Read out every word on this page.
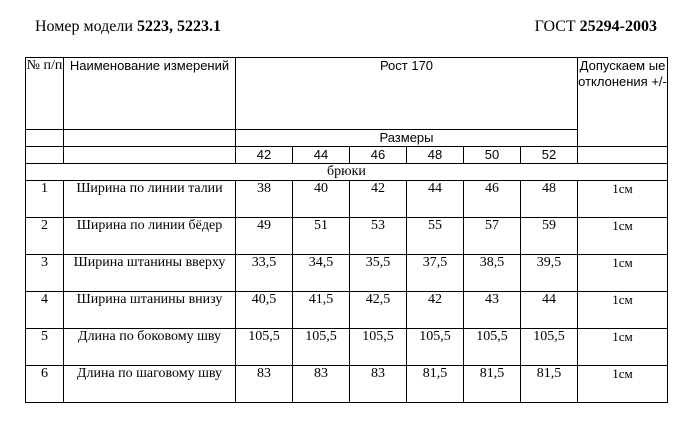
Номер модели 5223, 5223.1	ГОСТ 25294-2003
№ п/п	Наименование измерений	Рост 170						Допускаем ые отклонения +/-
		Размеры						
		42	44	46	48	50	52	
брюки								
1	Ширина по линии талии	38	40	42	44	46	48	1см
2	Ширина по линии бёдер	49	51	53	55	57	59	1см
3	Ширина штанины вверху	33,5	34,5	35,5	37,5	38,5	39,5	1см
4	Ширина штанины внизу	40,5	41,5	42,5	42	43	44	1см
5	Длина по боковому шву	105,5	105,5	105,5	105,5	105,5	105,5	1см
6	Длина по шаговому шву	83	83	83	81,5	81,5	81,5	1см
